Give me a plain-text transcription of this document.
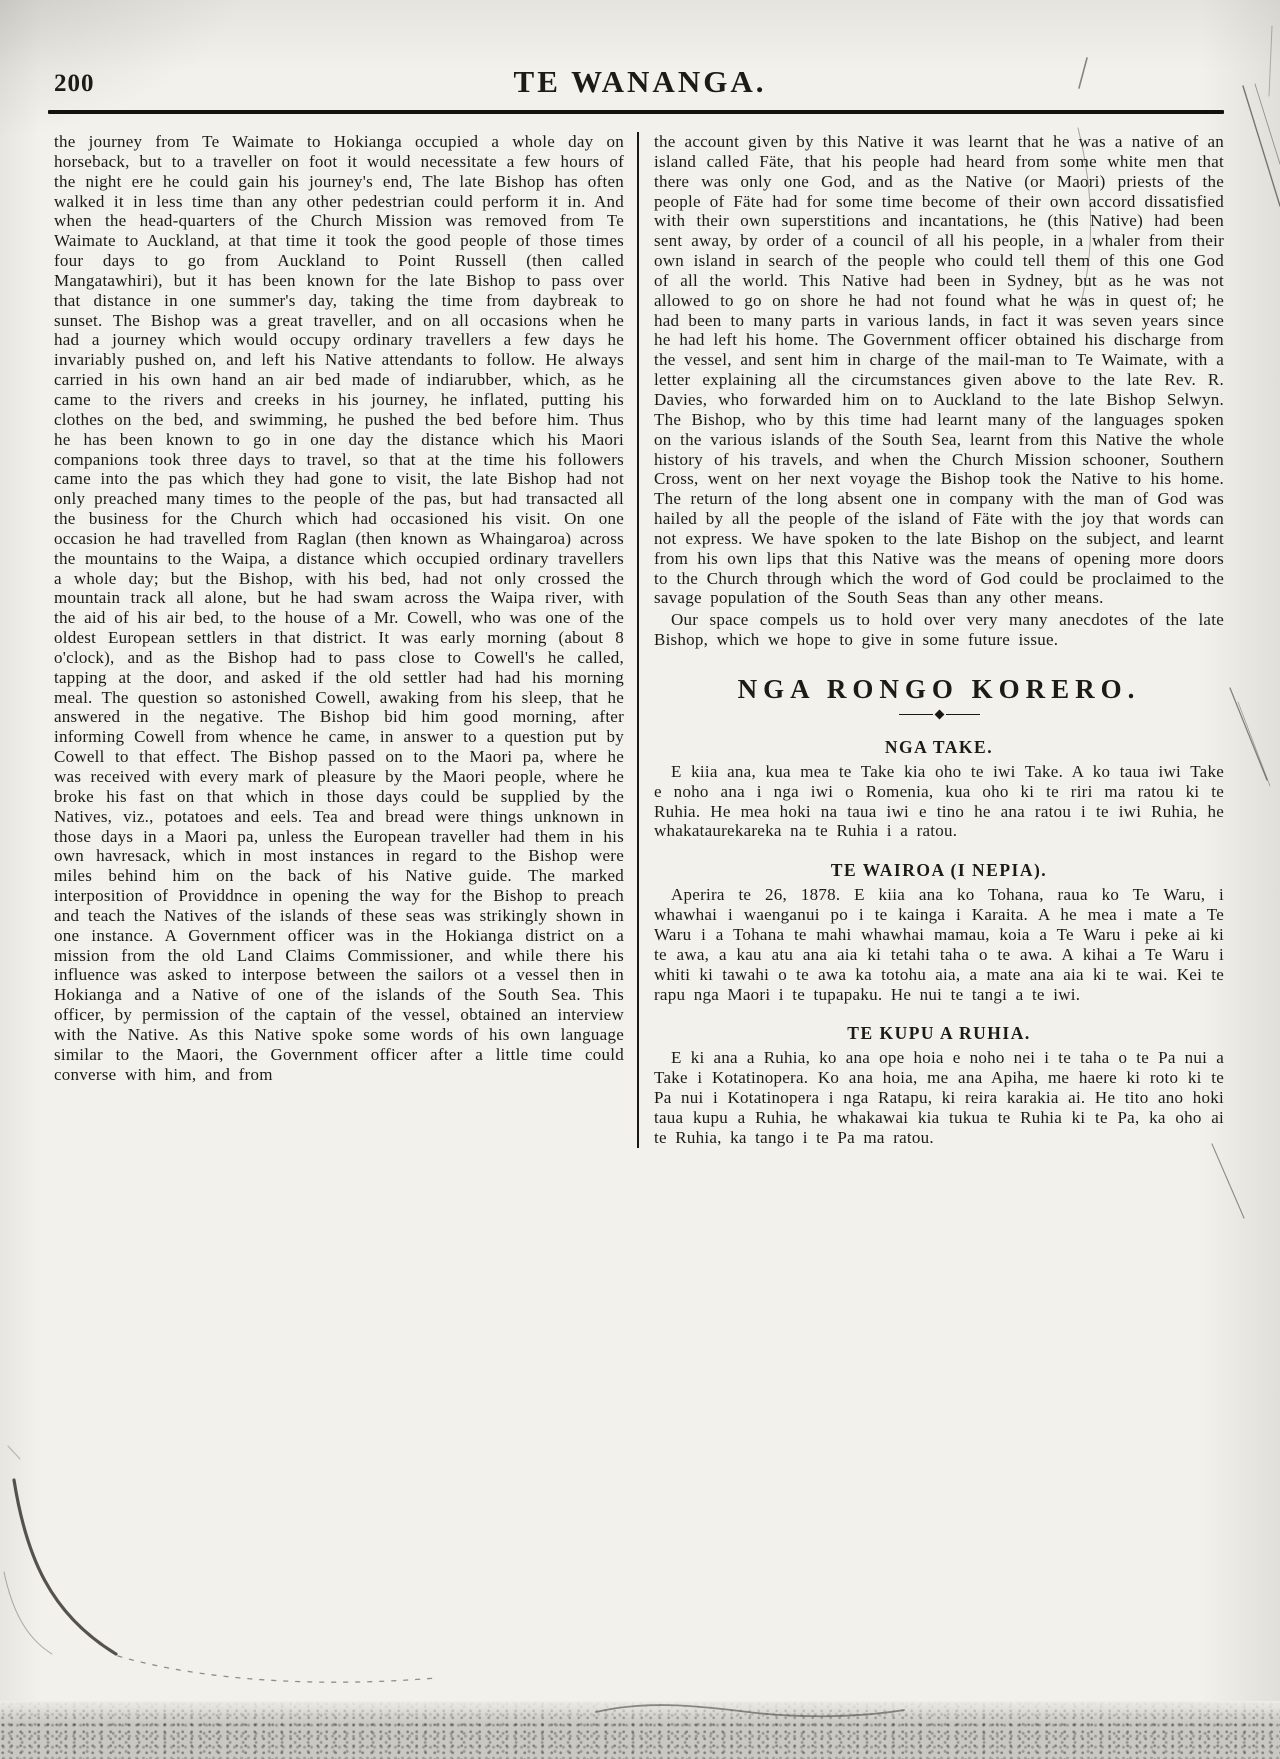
200	TE WANANGA.

the journey from Te Waimate to Hokianga occupied a whole day on horseback, but to a traveller on foot it would necessitate a few hours of the night ere he could gain his journey's end, The late Bishop has often walked it in less time than any other pedestrian could perform it in. And when the head-quarters of the Church Mission was removed from Te Waimate to Auckland, at that time it took the good people of those times four days to go from Auckland to Point Russell (then called Mangatawhiri), but it has been known for the late Bishop to pass over that distance in one summer's day, taking the time from daybreak to sunset. The Bishop was a great traveller, and on all occasions when he had a journey which would occupy ordinary travellers a few days he invariably pushed on, and left his Native attendants to follow. He always carried in his own hand an air bed made of indiarubber, which, as he came to the rivers and creeks in his journey, he inflated, putting his clothes on the bed, and swimming, he pushed the bed before him. Thus he has been known to go in one day the distance which his Maori companions took three days to travel, so that at the time his followers came into the pas which they had gone to visit, the late Bishop had not only preached many times to the people of the pas, but had transacted all the business for the Church which had occasioned his visit. On one occasion he had travelled from Raglan (then known as Whaingaroa) across the mountains to the Waipa, a distance which occupied ordinary travellers a whole day; but the Bishop, with his bed, had not only crossed the mountain track all alone, but he had swam across the Waipa river, with the aid of his air bed, to the house of a Mr. Cowell, who was one of the oldest European settlers in that district. It was early morning (about 8 o'clock), and as the Bishop had to pass close to Cowell's he called, tapping at the door, and asked if the old settler had had his morning meal. The question so astonished Cowell, awaking from his sleep, that he answered in the negative. The Bishop bid him good morning, after informing Cowell from whence he came, in answer to a question put by Cowell to that effect. The Bishop passed on to the Maori pa, where he was received with every mark of pleasure by the Maori people, where he broke his fast on that which in those days could be supplied by the Natives, viz., potatoes and eels. Tea and bread were things unknown in those days in a Maori pa, unless the European traveller had them in his own havresack, which in most instances in regard to the Bishop were miles behind him on the back of his Native guide. The marked interposition of Providdnce in opening the way for the Bishop to preach and teach the Natives of the islands of these seas was strikingly shown in one instance. A Government officer was in the Hokianga district on a mission from the old Land Claims Commissioner, and while there his influence was asked to interpose between the sailors ot a vessel then in Hokianga and a Native of one of the islands of the South Sea. This officer, by permission of the captain of the vessel, obtained an interview with the Native. As this Native spoke some words of his own language similar to the Maori, the Government officer after a little time could converse with him, and from

the account given by this Native it was learnt that he was a native of an island called Fäte, that his people had heard from some white men that there was only one God, and as the Native (or Maori) priests of the people of Fäte had for some time become of their own accord dissatisfied with their own superstitions and incantations, he (this Native) had been sent away, by order of a council of all his people, in a whaler from their own island in search of the people who could tell them of this one God of all the world. This Native had been in Sydney, but as he was not allowed to go on shore he had not found what he was in quest of; he had been to many parts in various lands, in fact it was seven years since he had left his home. The Government officer obtained his discharge from the vessel, and sent him in charge of the mail-man to Te Waimate, with a letter explaining all the circumstances given above to the late Rev. R. Davies, who forwarded him on to Auckland to the late Bishop Selwyn. The Bishop, who by this time had learnt many of the languages spoken on the various islands of the South Sea, learnt from this Native the whole history of his travels, and when the Church Mission schooner, Southern Cross, went on her next voyage the Bishop took the Native to his home. The return of the long absent one in company with the man of God was hailed by all the people of the island of Fäte with the joy that words can not express. We have spoken to the late Bishop on the subject, and learnt from his own lips that this Native was the means of opening more doors to the Church through which the word of God could be proclaimed to the savage population of the South Seas than any other means.

Our space compels us to hold over very many anecdotes of the late Bishop, which we hope to give in some future issue.

NGA RONGO KORERO.
NGA TAKE.

E kiia ana, kua mea te Take kia oho te iwi Take. A ko taua iwi Take e noho ana i nga iwi o Romenia, kua oho ki te riri ma ratou ki te Ruhia. He mea hoki na taua iwi e tino he ana ratou i te iwi Ruhia, he whakataurekareka na te Ruhia i a ratou.

TE WAIROA (I NEPIA).

Aperira te 26, 1878. E kiia ana ko Tohana, raua ko Te Waru, i whawhai i waenganui po i te kainga i Karaita. A he mea i mate a Te Waru i a Tohana te mahi whawhai mamau, koia a Te Waru i peke ai ki te awa, a kau atu ana aia ki tetahi taha o te awa. A kihai a Te Waru i whiti ki tawahi o te awa ka totohu aia, a mate ana aia ki te wai. Kei te rapu nga Maori i te tupapaku. He nui te tangi a te iwi.

TE KUPU A RUHIA.

E ki ana a Ruhia, ko ana ope hoia e noho nei i te taha o te Pa nui a Take i Kotatinopera. Ko ana hoia, me ana Apiha, me haere ki roto ki te Pa nui i Kotatinopera i nga Ratapu, ki reira karakia ai. He tito ano hoki taua kupu a Ruhia, he whakawai kia tukua te Ruhia ki te Pa, ka oho ai te Ruhia, ka tango i te Pa ma ratou.
